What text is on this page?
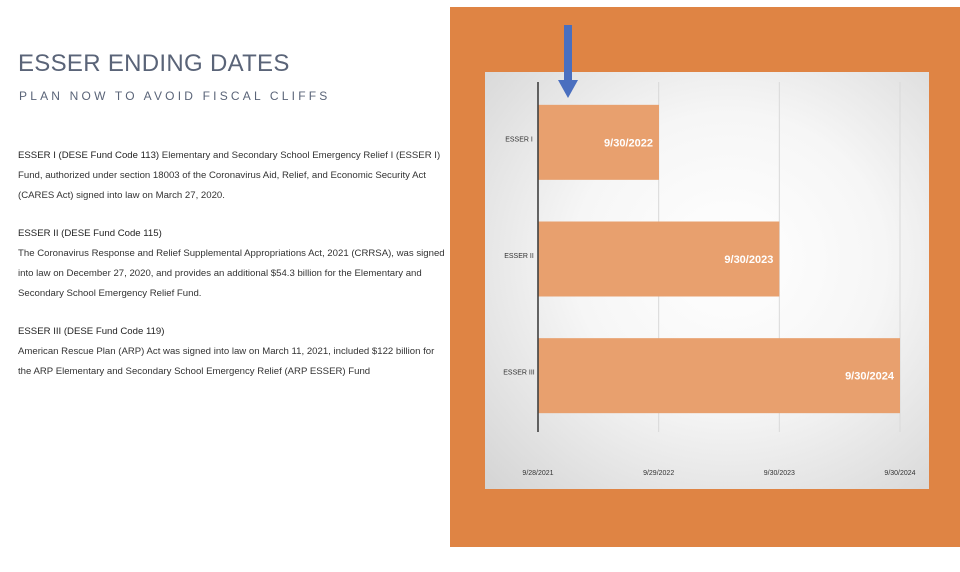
ESSER ENDING DATES
PLAN NOW TO AVOID FISCAL CLIFFS

ESSER I (DESE Fund Code 113) Elementary and Secondary School Emergency Relief I (ESSER I) Fund, authorized under section 18003 of the Coronavirus Aid, Relief, and Economic Security Act (CARES Act) signed into law on March 27, 2020.

ESSER II (DESE Fund Code 115)

The Coronavirus Response and Relief Supplemental Appropriations Act, 2021 (CRRSA), was signed into law on December 27, 2020, and provides an additional $54.3 billion for the Elementary and Secondary School Emergency Relief Fund.

ESSER III (DESE Fund Code 119)

American Rescue Plan (ARP) Act was signed into law on March 11, 2021, included $122 billion for the ARP Elementary and Secondary School Emergency Relief (ARP ESSER) Fund

9/30/2022
ESSER I
9/30/2023
ESSER II
9/30/2024
ESSER III
9/28/2021	9/29/2022	9/30/2023	9/30/2024
